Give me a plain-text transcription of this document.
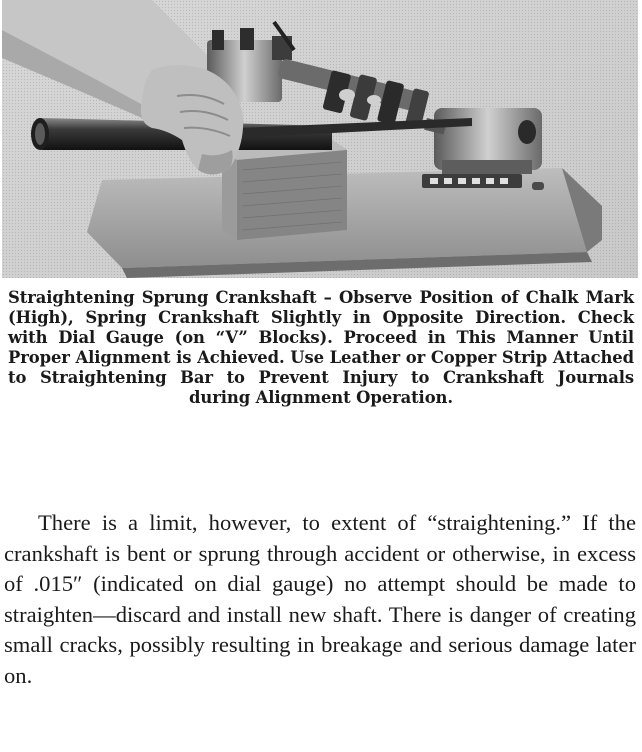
Straightening Sprung Crankshaft – Observe Position of Chalk Mark (High), Spring Crankshaft Slightly in Opposite Direction. Check with Dial Gauge (on “V” Blocks). Proceed in This Manner Until Proper Alignment is Achieved. Use Leather or Copper Strip Attached to Straightening Bar to Prevent Injury to Crankshaft Journals during Alignment Operation.

There is a limit, however, to extent of “straightening.” If the crankshaft is bent or sprung through accident or otherwise, in excess of .015″ (indicated on dial gauge) no attempt should be made to straighten—discard and install new shaft. There is danger of creating small cracks, possibly resulting in breakage and serious damage later on.
